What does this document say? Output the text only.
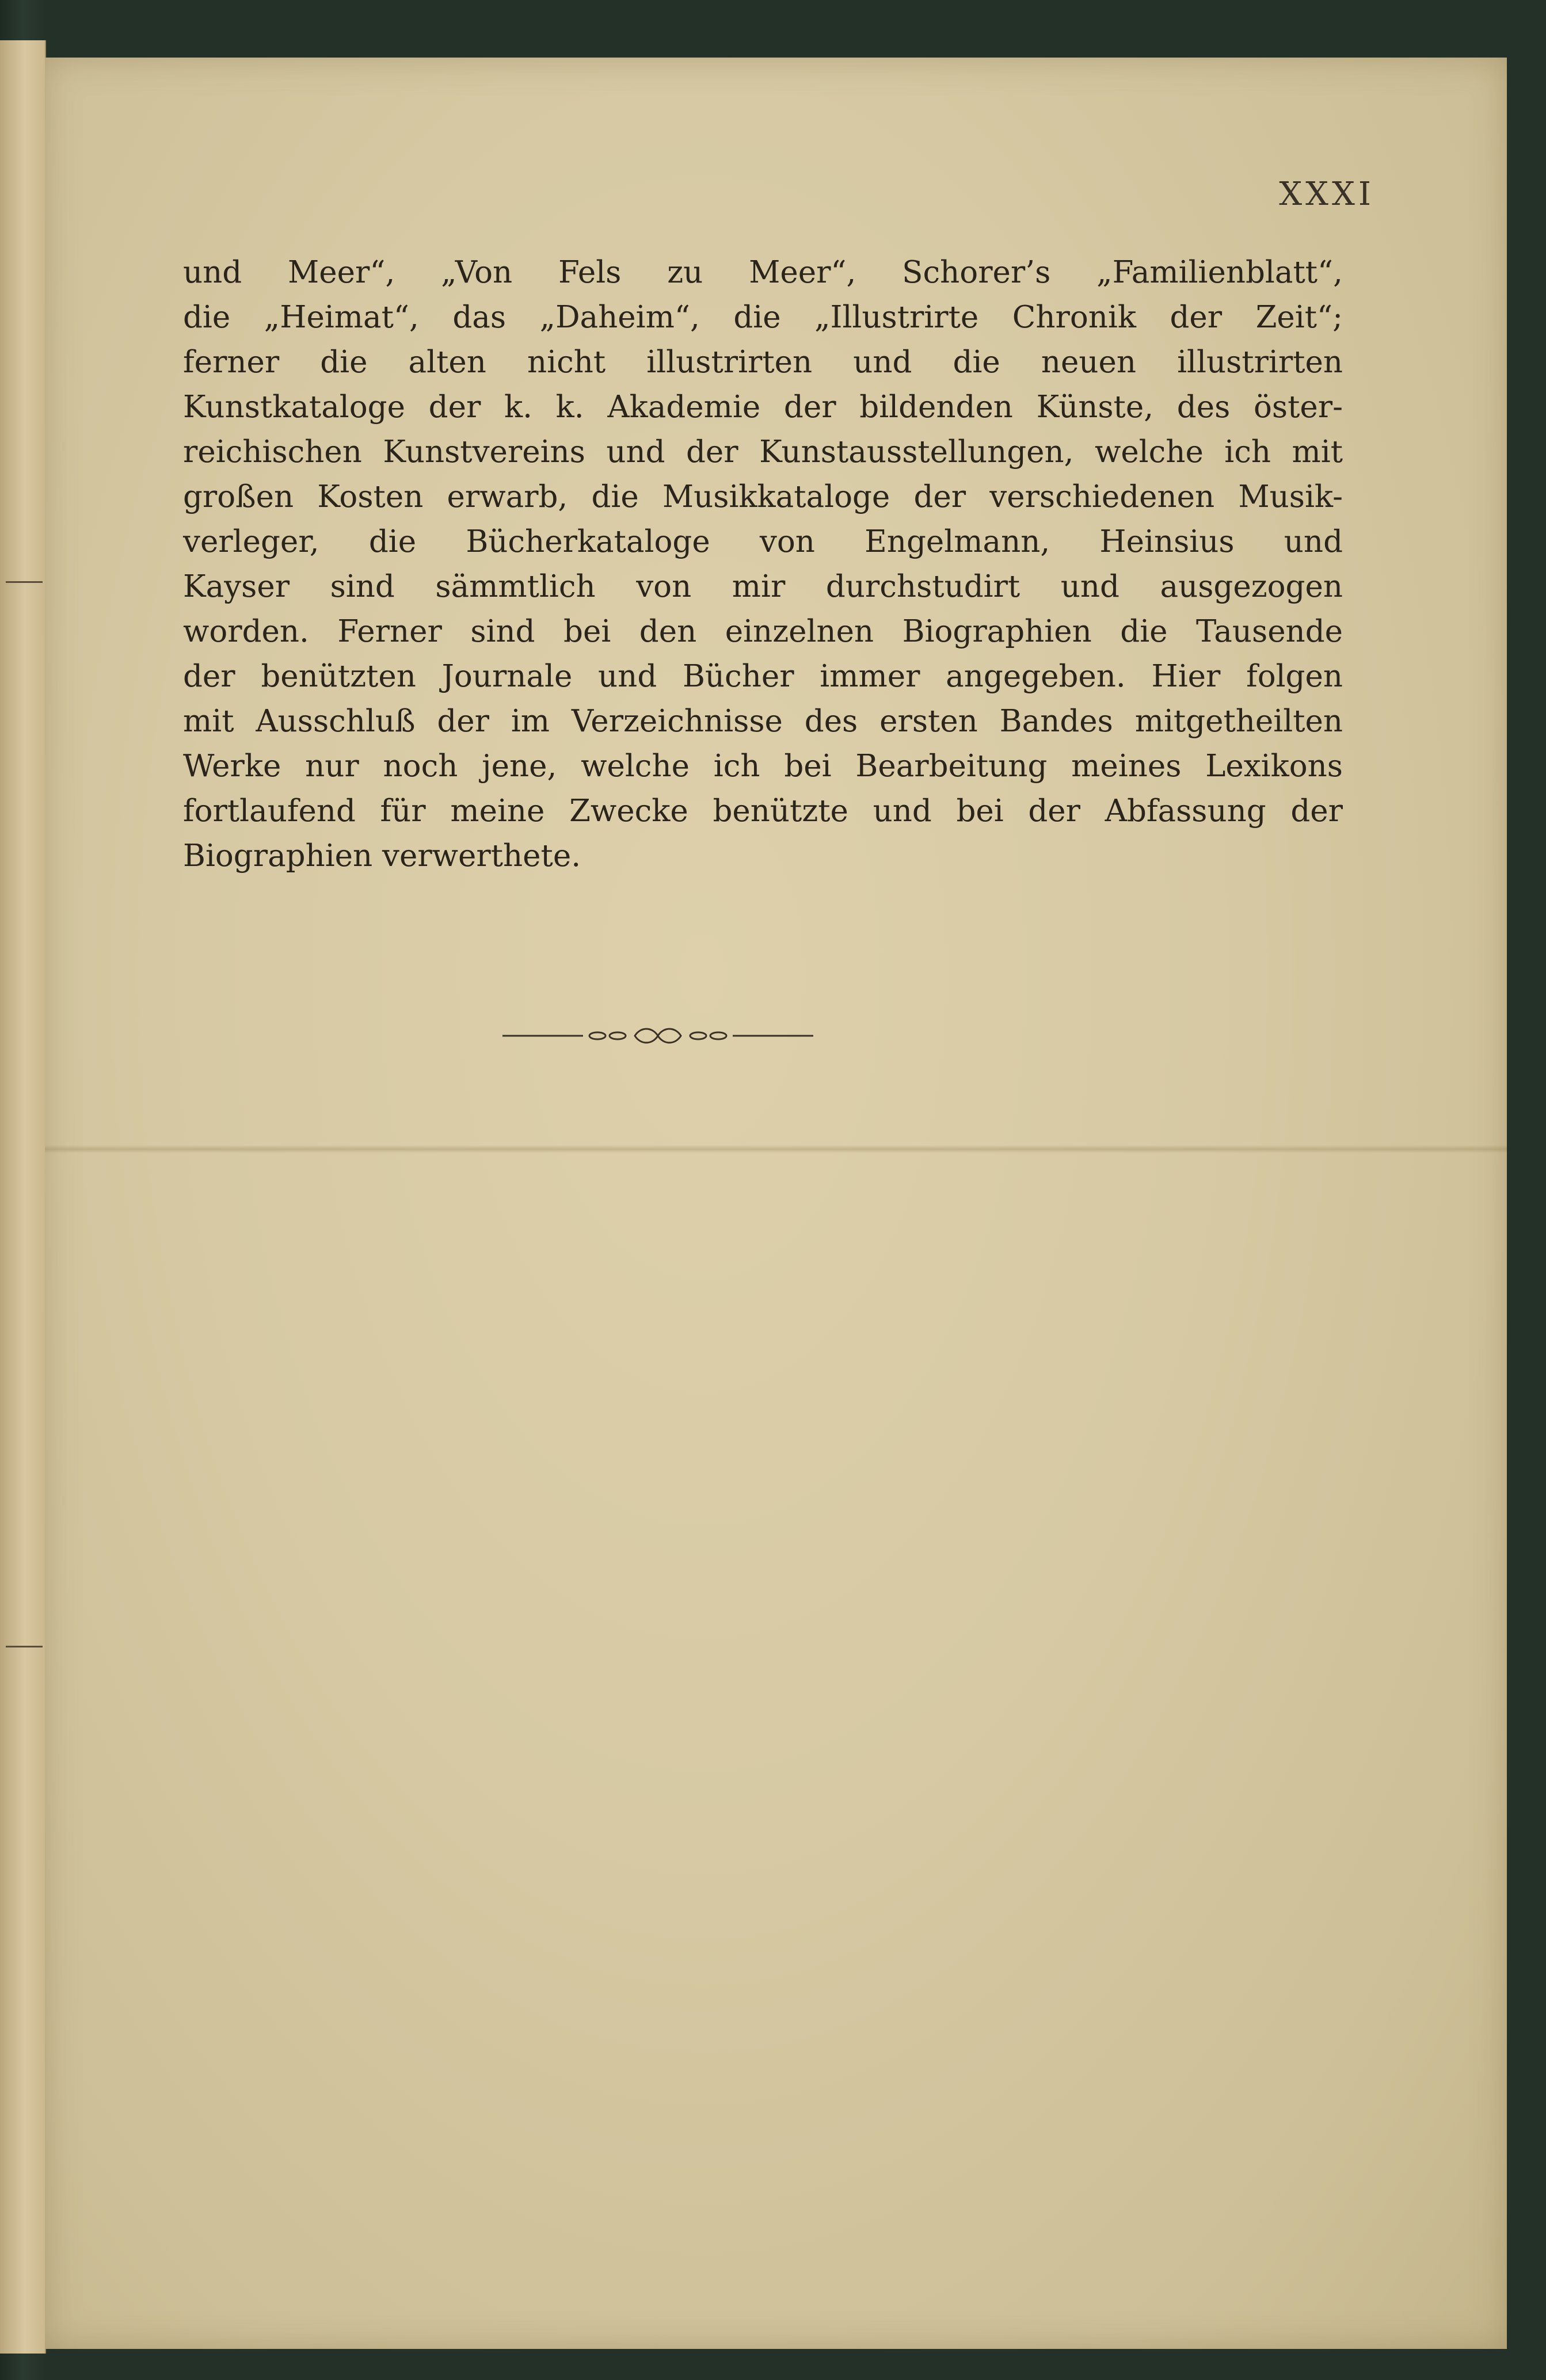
XXXI

und Meer“, „Von Fels zu Meer“, Schorer’s „Familienblatt“,
die „Heimat“, das „Daheim“, die „Illustrirte Chronik der Zeit“;
ferner die alten nicht illustrirten und die neuen illustrirten
Kunstkataloge der k. k. Akademie der bildenden Künste, des öster-
reichischen Kunstvereins und der Kunstausstellungen, welche ich mit
großen Kosten erwarb, die Musikkataloge der verschiedenen Musik-
verleger, die Bücherkataloge von Engelmann, Heinsius und
Kayser sind sämmtlich von mir durchstudirt und ausgezogen
worden. Ferner sind bei den einzelnen Biographien die Tausende
der benützten Journale und Bücher immer angegeben. Hier folgen
mit Ausschluß der im Verzeichnisse des ersten Bandes mitgetheilten
Werke nur noch jene, welche ich bei Bearbeitung meines Lexikons
fortlaufend für meine Zwecke benützte und bei der Abfassung der
Biographien verwerthete.
